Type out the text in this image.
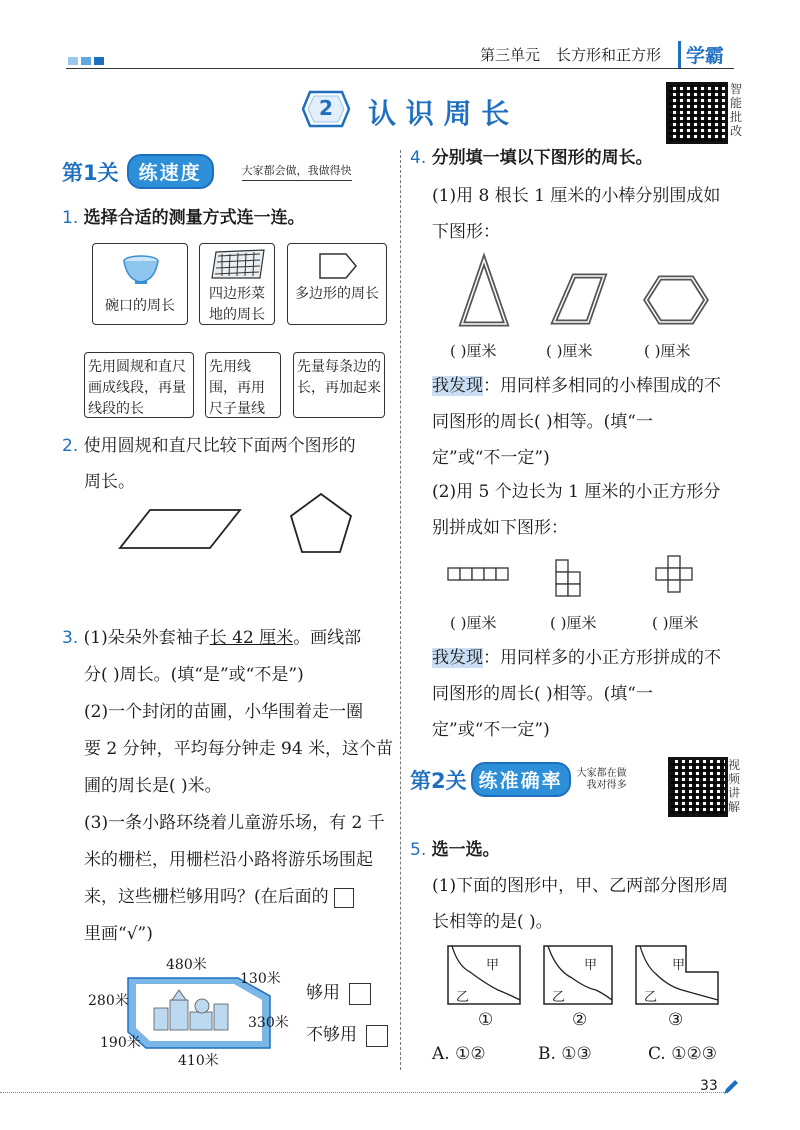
第三单元 长方形和正方形	学霸
2	认 识 周 长
智能批改
第1关	练速度	大家都会做，我做得快
1. 选择合适的测量方式连一连。
碗口的周长
四边形菜地的周长
多边形的周长
先用圆规和直尺画成线段，再量线段的长
先用线围，再用尺子量线
先量每条边的长，再加起来
2. 使用圆规和直尺比较下面两个图形的
周长。
3. (1)朵朵外套袖子长 42 厘米。画线部
分( )周长。(填“是”或“不是”)
(2)一个封闭的苗圃，小华围着走一圈
要 2 分钟，平均每分钟走 94 米，这个苗
圃的周长是( )米。
(3)一条小路环绕着儿童游乐场，有 2 千
米的栅栏，用栅栏沿小路将游乐场围起
来，这些栅栏够用吗？(在后面的
里画“√”)
480米
130米
280米
330米
190米
410米
够用
不够用
4. 分别填一填以下图形的周长。
(1)用 8 根长 1 厘米的小棒分别围成如
下图形：
( )厘米	( )厘米	( )厘米
我发现：用同样多相同的小棒围成的不
同图形的周长( )相等。(填“一
定”或“不一定”)
(2)用 5 个边长为 1 厘米的小正方形分
别拼成如下图形：
( )厘米	( )厘米	( )厘米
我发现：用同样多的小正方形拼成的不
同图形的周长( )相等。(填“一
定”或“不一定”)
第2关 练准确率	大家都在做
我对得多
视频讲解
5. 选一选。
(1)下面的图形中，甲、乙两部分图形周
长相等的是( )。
甲
乙
甲
乙
甲
乙
①	②	③
A. ①②	B. ①③	C. ①②③
33
